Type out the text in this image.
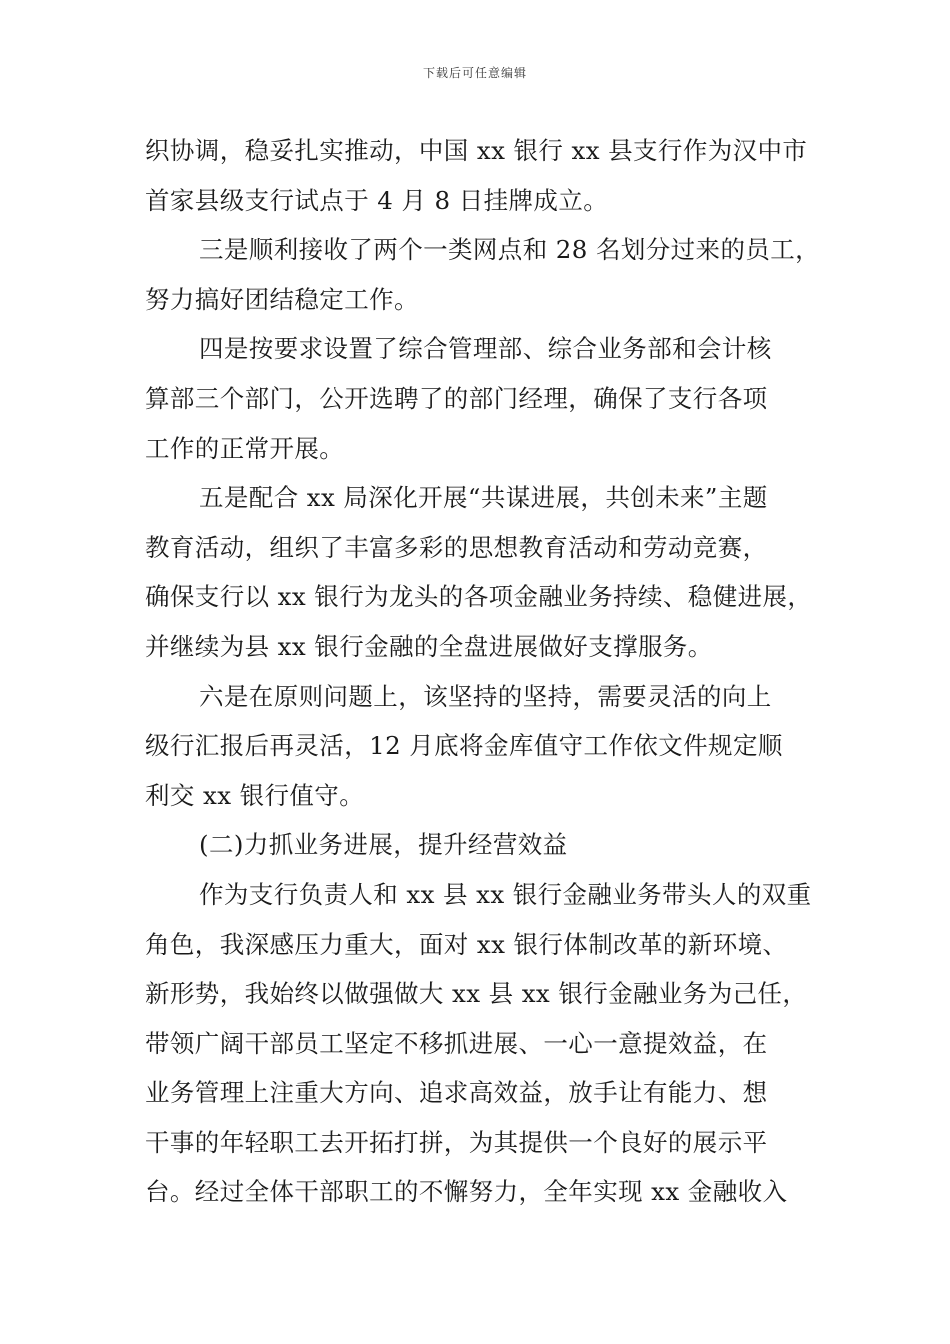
下载后可任意编辑
织协调，稳妥扎实推动，中国 xx 银行 xx 县支行作为汉中市
首家县级支行试点于 4 月 8 日挂牌成立。
三是顺利接收了两个一类网点和 28 名划分过来的员工，
努力搞好团结稳定工作。
四是按要求设置了综合管理部、综合业务部和会计核
算部三个部门，公开选聘了的部门经理，确保了支行各项
工作的正常开展。
五是配合 xx 局深化开展“共谋进展，共创未来”主题
教育活动，组织了丰富多彩的思想教育活动和劳动竞赛，
确保支行以 xx 银行为龙头的各项金融业务持续、稳健进展，
并继续为县 xx 银行金融的全盘进展做好支撑服务。
六是在原则问题上，该坚持的坚持，需要灵活的向上
级行汇报后再灵活，12 月底将金库值守工作依文件规定顺
利交 xx 银行值守。
(二)力抓业务进展，提升经营效益
作为支行负责人和 xx 县 xx 银行金融业务带头人的双重
角色，我深感压力重大，面对 xx 银行体制改革的新环境、
新形势，我始终以做强做大 xx 县 xx 银行金融业务为己任，
带领广阔干部员工坚定不移抓进展、一心一意提效益，在
业务管理上注重大方向、追求高效益，放手让有能力、想
干事的年轻职工去开拓打拼，为其提供一个良好的展示平
台。经过全体干部职工的不懈努力，全年实现 xx 金融收入
